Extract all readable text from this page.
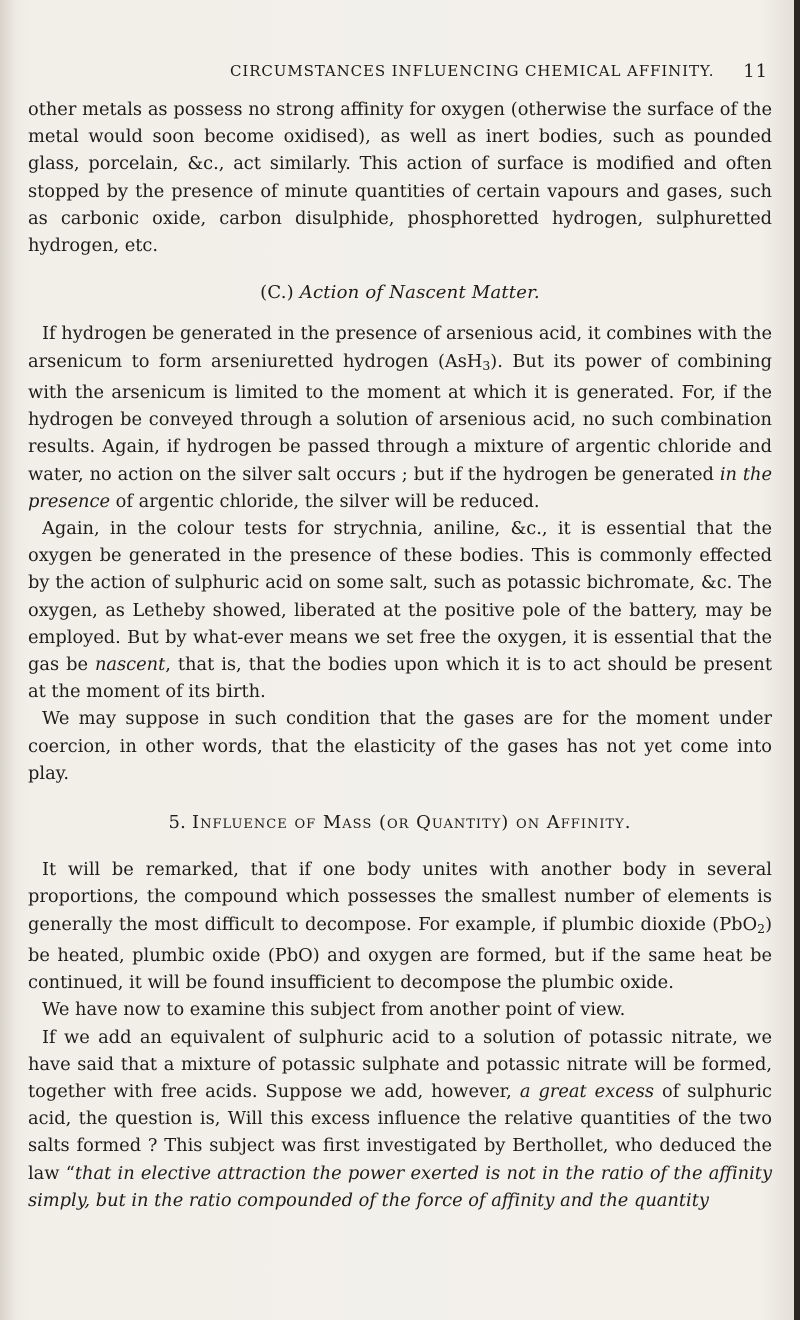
CIRCUMSTANCES INFLUENCING CHEMICAL AFFINITY. 11

other metals as possess no strong affinity for oxygen (otherwise the surface of the metal would soon become oxidised), as well as inert bodies, such as pounded glass, porcelain, &c., act similarly. This action of surface is modified and often stopped by the presence of minute quantities of certain vapours and gases, such as carbonic oxide, carbon disulphide, phosphoretted hydrogen, sulphuretted hydrogen, etc.

(C.) Action of Nascent Matter.

If hydrogen be generated in the presence of arsenious acid, it combines with the arsenicum to form arseniuretted hydrogen (AsH$_3$). But its power of combining with the arsenicum is limited to the moment at which it is generated. For, if the hydrogen be conveyed through a solution of arsenious acid, no such combination results. Again, if hydrogen be passed through a mixture of argentic chloride and water, no action on the silver salt occurs ; but if the hydrogen be generated in the presence of argentic chloride, the silver will be reduced.

Again, in the colour tests for strychnia, aniline, &c., it is essential that the oxygen be generated in the presence of these bodies. This is commonly effected by the action of sulphuric acid on some salt, such as potassic bichromate, &c. The oxygen, as Letheby showed, liberated at the positive pole of the battery, may be employed. But by what-ever means we set free the oxygen, it is essential that the gas be nascent, that is, that the bodies upon which it is to act should be present at the moment of its birth.

We may suppose in such condition that the gases are for the moment under coercion, in other words, that the elasticity of the gases has not yet come into play.

5. Influence of Mass (or Quantity) on Affinity.

It will be remarked, that if one body unites with another body in several proportions, the compound which possesses the smallest number of elements is generally the most difficult to decompose. For example, if plumbic dioxide (PbO$_2$) be heated, plumbic oxide (PbO) and oxygen are formed, but if the same heat be continued, it will be found insufficient to decompose the plumbic oxide.

We have now to examine this subject from another point of view.

If we add an equivalent of sulphuric acid to a solution of potassic nitrate, we have said that a mixture of potassic sulphate and potassic nitrate will be formed, together with free acids. Suppose we add, however, a great excess of sulphuric acid, the question is, Will this excess influence the relative quantities of the two salts formed ? This subject was first investigated by Berthollet, who deduced the law “that in elective attraction the power exerted is not in the ratio of the affinity simply, but in the ratio compounded of the force of affinity and the quantity
